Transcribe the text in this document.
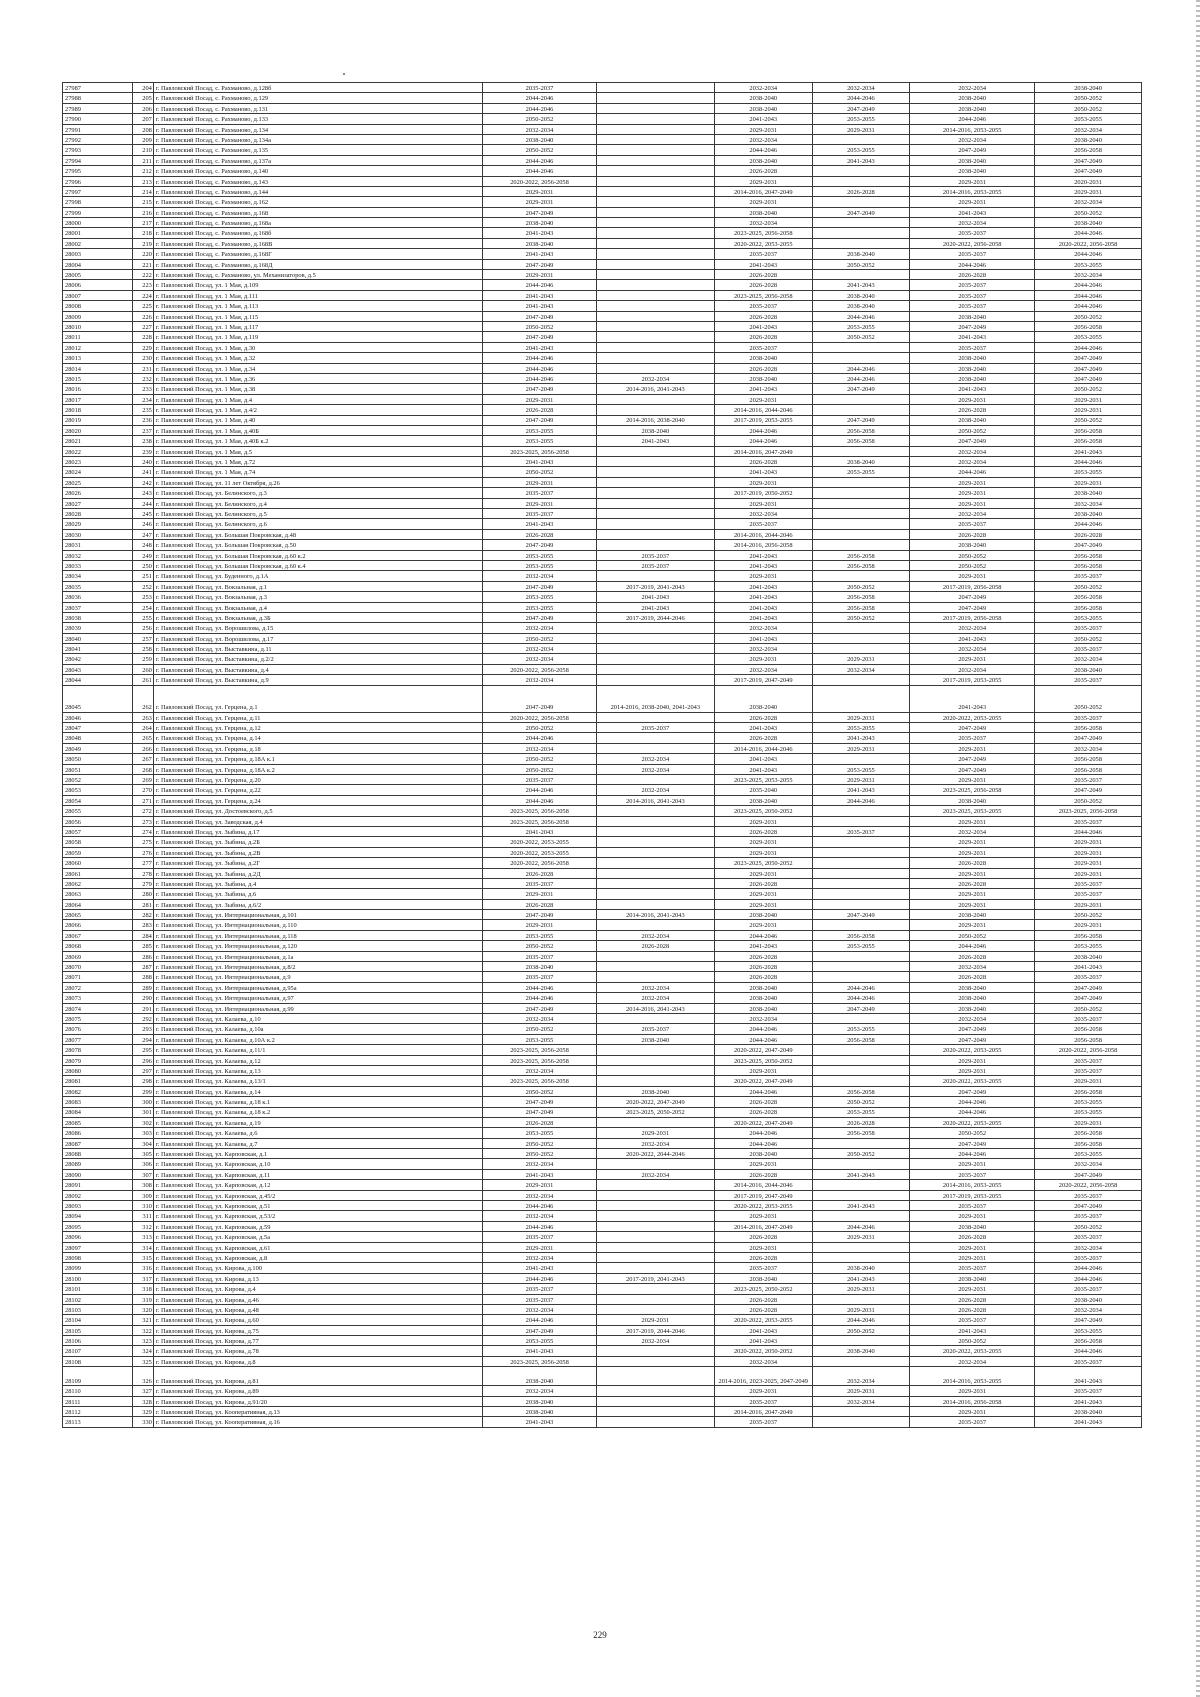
27987	204	г. Павловский Посад, с. Рахманово, д.128б	2035-2037		2032-2034	2032-2034	2032-2034	2038-2040
27988	205	г. Павловский Посад, с. Рахманово, д.129	2044-2046		2038-2040	2044-2046	2038-2040	2050-2052
27989	206	г. Павловский Посад, с. Рахманово, д.131	2044-2046		2038-2040	2047-2049	2038-2040	2050-2052
27990	207	г. Павловский Посад, с. Рахманово, д.133	2050-2052		2041-2043	2053-2055	2044-2046	2053-2055
27991	208	г. Павловский Посад, с. Рахманово, д.134	2032-2034		2029-2031	2029-2031	2014-2016, 2053-2055	2032-2034
27992	209	г. Павловский Посад, с. Рахманово, д.134а	2038-2040		2032-2034		2032-2034	2038-2040
27993	210	г. Павловский Посад, с. Рахманово, д.135	2050-2052		2044-2046	2053-2055	2047-2049	2056-2058
27994	211	г. Павловский Посад, с. Рахманово, д.137а	2044-2046		2038-2040	2041-2043	2038-2040	2047-2049
27995	212	г. Павловский Посад, с. Рахманово, д.140	2044-2046		2026-2028		2038-2040	2047-2049
27996	213	г. Павловский Посад, с. Рахманово, д.143	2020-2022, 2056-2058		2029-2031		2029-2031	2020-2031
27997	214	г. Павловский Посад, с. Рахманово, д.144	2029-2031		2014-2016, 2047-2049	2026-2028	2014-2016, 2053-2055	2029-2031
27998	215	г. Павловский Посад, с. Рахманово, д.162	2029-2031		2029-2031		2029-2031	2032-2034
27999	216	г. Павловский Посад, с. Рахманово, д.168	2047-2049		2038-2040	2047-2049	2041-2043	2050-2052
28000	217	г. Павловский Посад, с. Рахманово, д.168а	2038-2040		2032-2034		2032-2034	2038-2040
28001	218	г. Павловский Посад, с. Рахманово, д.168б	2041-2043		2023-2025, 2056-2058		2035-2037	2044-2046
28002	219	г. Павловский Посад, с. Рахманово, д.168В	2038-2040		2020-2022, 2053-2055		2020-2022, 2056-2058	2020-2022, 2056-2058
28003	220	г. Павловский Посад, с. Рахманово, д.168Г	2041-2043		2035-2037	2038-2040	2035-2037	2044-2046
28004	221	г. Павловский Посад, с. Рахманово, д.168Д	2047-2049		2041-2043	2050-2052	2044-2046	2053-2055
28005	222	г. Павловский Посад, с. Рахманово, ул. Механизаторов, д.5	2029-2031		2026-2028		2026-2028	2032-2034
28006	223	г. Павловский Посад, ул. 1 Мая, д.109	2044-2046		2026-2028	2041-2043	2035-2037	2044-2046
28007	224	г. Павловский Посад, ул. 1 Мая, д.111	2041-2043		2023-2025, 2056-2058	2038-2040	2035-2037	2044-2046
28008	225	г. Павловский Посад, ул. 1 Мая, д.113	2041-2043		2035-2037	2038-2040	2035-2037	2044-2046
28009	226	г. Павловский Посад, ул. 1 Мая, д.115	2047-2049		2026-2028	2044-2046	2038-2040	2050-2052
28010	227	г. Павловский Посад, ул. 1 Мая, д.117	2050-2052		2041-2043	2053-2055	2047-2049	2056-2058
28011	228	г. Павловский Посад, ул. 1 Мая, д.119	2047-2049		2026-2028	2050-2052	2041-2043	2053-2055
28012	229	г. Павловский Посад, ул. 1 Мая, д.30	2041-2043		2035-2037		2035-2037	2044-2046
28013	230	г. Павловский Посад, ул. 1 Мая, д.32	2044-2046		2038-2040		2038-2040	2047-2049
28014	231	г. Павловский Посад, ул. 1 Мая, д.34	2044-2046		2026-2028	2044-2046	2038-2040	2047-2049
28015	232	г. Павловский Посад, ул. 1 Мая, д.36	2044-2046	2032-2034	2038-2040	2044-2046	2038-2040	2047-2049
28016	233	г. Павловский Посад, ул. 1 Мая, д.38	2047-2049	2014-2016, 2041-2043	2041-2043	2047-2049	2041-2043	2050-2052
28017	234	г. Павловский Посад, ул. 1 Мая, д.4	2029-2031		2029-2031		2029-2031	2029-2031
28018	235	г. Павловский Посад, ул. 1 Мая, д.4/2	2026-2028		2014-2016, 2044-2046		2026-2028	2029-2031
28019	236	г. Павловский Посад, ул. 1 Мая, д.40	2047-2049	2014-2016, 2038-2040	2017-2019, 2053-2055	2047-2049	2038-2040	2050-2052
28020	237	г. Павловский Посад, ул. 1 Мая, д.40Б	2053-2055	2038-2040	2044-2046	2056-2058	2050-2052	2056-2058
28021	238	г. Павловский Посад, ул. 1 Мая, д.40Б к.2	2053-2055	2041-2043	2044-2046	2056-2058	2047-2049	2056-2058
28022	239	г. Павловский Посад, ул. 1 Мая, д.5	2023-2025, 2056-2058		2014-2016, 2047-2049		2032-2034	2041-2043
28023	240	г. Павловский Посад, ул. 1 Мая, д.72	2041-2043		2026-2028	2038-2040	2032-2034	2044-2046
28024	241	г. Павловский Посад, ул. 1 Мая, д.74	2050-2052		2041-2043	2053-2055	2044-2046	2053-2055
28025	242	г. Павловский Посад, ул. 11 лет Октября, д.26	2029-2031		2029-2031		2029-2031	2029-2031
28026	243	г. Павловский Посад, ул. Белинского, д.3	2035-2037		2017-2019, 2050-2052		2029-2031	2038-2040
28027	244	г. Павловский Посад, ул. Белинского, д.4	2029-2031		2029-2031		2029-2031	2032-2034
28028	245	г. Павловский Посад, ул. Белинского, д.5	2035-2037		2032-2034		2032-2034	2038-2040
28029	246	г. Павловский Посад, ул. Белинского, д.6	2041-2043		2035-2037		2035-2037	2044-2046
28030	247	г. Павловский Посад, ул. Большая Покровская, д.48	2026-2028		2014-2016, 2044-2046		2026-2028	2026-2028
28031	248	г. Павловский Посад, ул. Большая Покровская, д.50	2047-2049		2014-2016, 2056-2058		2038-2040	2047-2049
28032	249	г. Павловский Посад, ул. Большая Покровская, д.60 к.2	2053-2055	2035-2037	2041-2043	2056-2058	2050-2052	2056-2058
28033	250	г. Павловский Посад, ул. Большая Покровская, д.60 к.4	2053-2055	2035-2037	2041-2043	2056-2058	2050-2052	2056-2058
28034	251	г. Павловский Посад, ул. Буденного, д.1А	2032-2034		2029-2031		2029-2031	2035-2037
28035	252	г. Павловский Посад, ул. Вокзальная, д.1	2047-2049	2017-2019, 2041-2043	2041-2043	2050-2052	2017-2019, 2056-2058	2050-2052
28036	253	г. Павловский Посад, ул. Вокзальная, д.3	2053-2055	2041-2043	2041-2043	2056-2058	2047-2049	2056-2058
28037	254	г. Павловский Посад, ул. Вокзальная, д.4	2053-2055	2041-2043	2041-2043	2056-2058	2047-2049	2056-2058
28038	255	г. Павловский Посад, ул. Вокзальная, д.3Б	2047-2049	2017-2019, 2044-2046	2041-2043	2050-2052	2017-2019, 2056-2058	2053-2055
28039	256	г. Павловский Посад, ул. Ворошилова, д.15	2032-2034		2032-2034		2032-2034	2035-2037
28040	257	г. Павловский Посад, ул. Ворошилова, д.17	2050-2052		2041-2043		2041-2043	2050-2052
28041	258	г. Павловский Посад, ул. Выставкина, д.11	2032-2034		2032-2034		2032-2034	2035-2037
28042	259	г. Павловский Посад, ул. Выставкина, д.2/2	2032-2034		2029-2031	2029-2031	2029-2031	2032-2034
28043	260	г. Павловский Посад, ул. Выставкина, д.4	2020-2022, 2056-2058		2032-2034	2032-2034	2032-2034	2038-2040
28044	261	г. Павловский Посад, ул. Выставкина, д.9	2032-2034		2017-2019, 2047-2049		2017-2019, 2053-2055	2035-2037
28045	262	г. Павловский Посад, ул. Герцена, д.1	2047-2049	2014-2016, 2038-2040, 2041-2043	2038-2040		2041-2043	2050-2052
28046	263	г. Павловский Посад, ул. Герцена, д.11	2020-2022, 2056-2058		2026-2028	2029-2031	2020-2022, 2053-2055	2035-2037
28047	264	г. Павловский Посад, ул. Герцена, д.12	2050-2052	2035-2037	2041-2043	2053-2055	2047-2049	2056-2058
28048	265	г. Павловский Посад, ул. Герцена, д.14	2044-2046		2026-2028	2041-2043	2035-2037	2047-2049
28049	266	г. Павловский Посад, ул. Герцена, д.18	2032-2034		2014-2016, 2044-2046	2029-2031	2029-2031	2032-2034
28050	267	г. Павловский Посад, ул. Герцена, д.18А к.1	2050-2052	2032-2034	2041-2043		2047-2049	2056-2058
28051	268	г. Павловский Посад, ул. Герцена, д.18А к.2	2050-2052	2032-2034	2041-2043	2053-2055	2047-2049	2056-2058
28052	269	г. Павловский Посад, ул. Герцена, д.20	2035-2037		2023-2025, 2053-2055	2029-2031	2029-2031	2035-2037
28053	270	г. Павловский Посад, ул. Герцена, д.22	2044-2046	2032-2034	2035-2040	2041-2043	2023-2025, 2056-2058	2047-2049
28054	271	г. Павловский Посад, ул. Герцена, д.24	2044-2046	2014-2016, 2041-2043	2038-2040	2044-2046	2038-2040	2050-2052
28055	272	г. Павловский Посад, ул. Достоевского, д.5	2023-2025, 2056-2058		2023-2025, 2050-2052		2023-2025, 2053-2055	2023-2025, 2056-2058
28056	273	г. Павловский Посад, ул. Заводская, д.4	2023-2025, 2056-2058		2029-2031		2029-2031	2035-2037
28057	274	г. Павловский Посад, ул. Зыбина, д.17	2041-2043		2026-2028	2035-2037	2032-2034	2044-2046
28058	275	г. Павловский Посад, ул. Зыбина, д.2Б	2020-2022, 2053-2055		2029-2031		2029-2031	2029-2031
28059	276	г. Павловский Посад, ул. Зыбина, д.2В	2020-2022, 2053-2055		2029-2031		2029-2031	2029-2031
28060	277	г. Павловский Посад, ул. Зыбина, д.2Г	2020-2022, 2056-2058		2023-2025, 2050-2052		2026-2028	2029-2031
28061	278	г. Павловский Посад, ул. Зыбина, д.2Д	2026-2028		2029-2031		2029-2031	2029-2031
28062	279	г. Павловский Посад, ул. Зыбина, д.4	2035-2037		2026-2028		2026-2028	2035-2037
28063	280	г. Павловский Посад, ул. Зыбина, д.6	2029-2031		2029-2031		2029-2031	2035-2037
28064	281	г. Павловский Посад, ул. Зыбина, д.6/2	2026-2028		2029-2031		2029-2031	2029-2031
28065	282	г. Павловский Посад, ул. Интернациональная, д.101	2047-2049	2014-2016, 2041-2043	2038-2040	2047-2049	2038-2040	2050-2052
28066	283	г. Павловский Посад, ул. Интернациональная, д.110	2029-2031		2029-2031		2029-2031	2029-2031
28067	284	г. Павловский Посад, ул. Интернациональная, д.118	2053-2055	2032-2034	2044-2046	2056-2058	2050-2052	2056-2058
28068	285	г. Павловский Посад, ул. Интернациональная, д.120	2050-2052	2026-2028	2041-2043	2053-2055	2044-2046	2053-2055
28069	286	г. Павловский Посад, ул. Интернациональная, д.1а	2035-2037		2026-2028		2026-2028	2038-2040
28070	287	г. Павловский Посад, ул. Интернациональная, д.8/2	2038-2040		2026-2028		2032-2034	2041-2043
28071	288	г. Павловский Посад, ул. Интернациональная, д.9	2035-2037		2026-2028		2026-2028	2035-2037
28072	289	г. Павловский Посад, ул. Интернациональная, д.95а	2044-2046	2032-2034	2038-2040	2044-2046	2038-2040	2047-2049
28073	290	г. Павловский Посад, ул. Интернациональная, д.97	2044-2046	2032-2034	2038-2040	2044-2046	2038-2040	2047-2049
28074	291	г. Павловский Посад, ул. Интернациональная, д.99	2047-2049	2014-2016, 2041-2043	2038-2040	2047-2049	2038-2040	2050-2052
28075	292	г. Павловский Посад, ул. Калаева, д.10	2032-2034		2032-2034		2032-2034	2035-2037
28076	293	г. Павловский Посад, ул. Калаева, д.10а	2050-2052	2035-2037	2044-2046	2053-2055	2047-2049	2056-2058
28077	294	г. Павловский Посад, ул. Калаева, д.10А к.2	2053-2055	2038-2040	2044-2046	2056-2058	2047-2049	2056-2058
28078	295	г. Павловский Посад, ул. Калаева, д.11/1	2023-2025, 2056-2058		2020-2022, 2047-2049		2020-2022, 2053-2055	2020-2022, 2056-2058
28079	296	г. Павловский Посад, ул. Калаева, д.12	2023-2025, 2056-2058		2023-2025, 2050-2052		2029-2031	2035-2037
28080	297	г. Павловский Посад, ул. Калаева, д.13	2032-2034		2029-2031		2029-2031	2035-2037
28081	298	г. Павловский Посад, ул. Калаева, д.13/1	2023-2025, 2056-2058		2020-2022, 2047-2049		2020-2022, 2053-2055	2029-2031
28082	299	г. Павловский Посад, ул. Калаева, д.14	2050-2052	2038-2040	2044-2046	2056-2058	2047-2049	2056-2058
28083	300	г. Павловский Посад, ул. Калаева, д.18 к.1	2047-2049	2020-2022, 2047-2049	2026-2028	2050-2052	2044-2046	2053-2055
28084	301	г. Павловский Посад, ул. Калаева, д.18 к.2	2047-2049	2023-2025, 2050-2052	2026-2028	2053-2055	2044-2046	2053-2055
28085	302	г. Павловский Посад, ул. Калаева, д.19	2026-2028		2020-2022, 2047-2049	2026-2028	2020-2022, 2053-2055	2029-2031
28086	303	г. Павловский Посад, ул. Калаева, д.6	2053-2055	2029-2031	2044-2046	2056-2058	2050-2052	2056-2058
28087	304	г. Павловский Посад, ул. Калаева, д.7	2050-2052	2032-2034	2044-2046		2047-2049	2056-2058
28088	305	г. Павловский Посад, ул. Карповская, д.1	2050-2052	2020-2022, 2044-2046	2038-2040	2050-2052	2044-2046	2053-2055
28089	306	г. Павловский Посад, ул. Карповская, д.10	2032-2034		2029-2031		2029-2031	2032-2034
28090	307	г. Павловский Посад, ул. Карповская, д.11	2041-2043	2032-2034	2026-2028	2041-2043	2035-2037	2047-2049
28091	308	г. Павловский Посад, ул. Карповская, д.12	2029-2031		2014-2016, 2044-2046		2014-2016, 2053-2055	2020-2022, 2056-2058
28092	309	г. Павловский Посад, ул. Карповская, д.45/2	2032-2034		2017-2019, 2047-2049		2017-2019, 2053-2055	2035-2037
28093	310	г. Павловский Посад, ул. Карповская, д.51	2044-2046		2020-2022, 2053-2055	2041-2043	2035-2037	2047-2049
28094	311	г. Павловский Посад, ул. Карповская, д.53/2	2032-2034		2029-2031		2029-2031	2035-2037
28095	312	г. Павловский Посад, ул. Карповская, д.59	2044-2046		2014-2016, 2047-2049	2044-2046	2038-2040	2050-2052
28096	313	г. Павловский Посад, ул. Карповская, д.5а	2035-2037		2026-2028	2029-2031	2026-2028	2035-2037
28097	314	г. Павловский Посад, ул. Карповская, д.61	2029-2031		2029-2031		2029-2031	2032-2034
28098	315	г. Павловский Посад, ул. Карповская, д.8	2032-2034		2026-2028		2029-2031	2035-2037
28099	316	г. Павловский Посад, ул. Кирова, д.100	2041-2043		2035-2037	2038-2040	2035-2037	2044-2046
28100	317	г. Павловский Посад, ул. Кирова, д.13	2044-2046	2017-2019, 2041-2043	2038-2040	2041-2043	2038-2040	2044-2046
28101	318	г. Павловский Посад, ул. Кирова, д.4	2035-2037		2023-2025, 2050-2052	2029-2031	2029-2031	2035-2037
28102	319	г. Павловский Посад, ул. Кирова, д.46	2035-2037		2026-2028		2026-2028	2038-2040
28103	320	г. Павловский Посад, ул. Кирова, д.48	2032-2034		2026-2028	2029-2031	2026-2028	2032-2034
28104	321	г. Павловский Посад, ул. Кирова, д.60	2044-2046	2029-2031	2020-2022, 2053-2055	2044-2046	2035-2037	2047-2049
28105	322	г. Павловский Посад, ул. Кирова, д.75	2047-2049	2017-2019, 2044-2046	2041-2043	2050-2052	2041-2043	2053-2055
28106	323	г. Павловский Посад, ул. Кирова, д.77	2053-2055	2032-2034	2041-2043		2050-2052	2056-2058
28107	324	г. Павловский Посад, ул. Кирова, д.78	2041-2043		2020-2022, 2050-2052	2038-2040	2020-2022, 2053-2055	2044-2046
28108	325	г. Павловский Посад, ул. Кирова, д.8	2023-2025, 2056-2058		2032-2034		2032-2034	2035-2037
28109	326	г. Павловский Посад, ул. Кирова, д.81	2038-2040		2014-2016, 2023-2025, 2047-2049	2032-2034	2014-2016, 2053-2055	2041-2043
28110	327	г. Павловский Посад, ул. Кирова, д.89	2032-2034		2029-2031	2029-2031	2029-2031	2035-2037
28111	328	г. Павловский Посад, ул. Кирова, д.91/20	2038-2040		2035-2037	2032-2034	2014-2016, 2056-2058	2041-2043
28112	329	г. Павловский Посад, ул. Кооперативная, д.13	2038-2040		2014-2016, 2047-2049		2029-2031	2038-2040
28113	330	г. Павловский Посад, ул. Кооперативная, д.16	2041-2043		2035-2037		2035-2037	2041-2043
229
